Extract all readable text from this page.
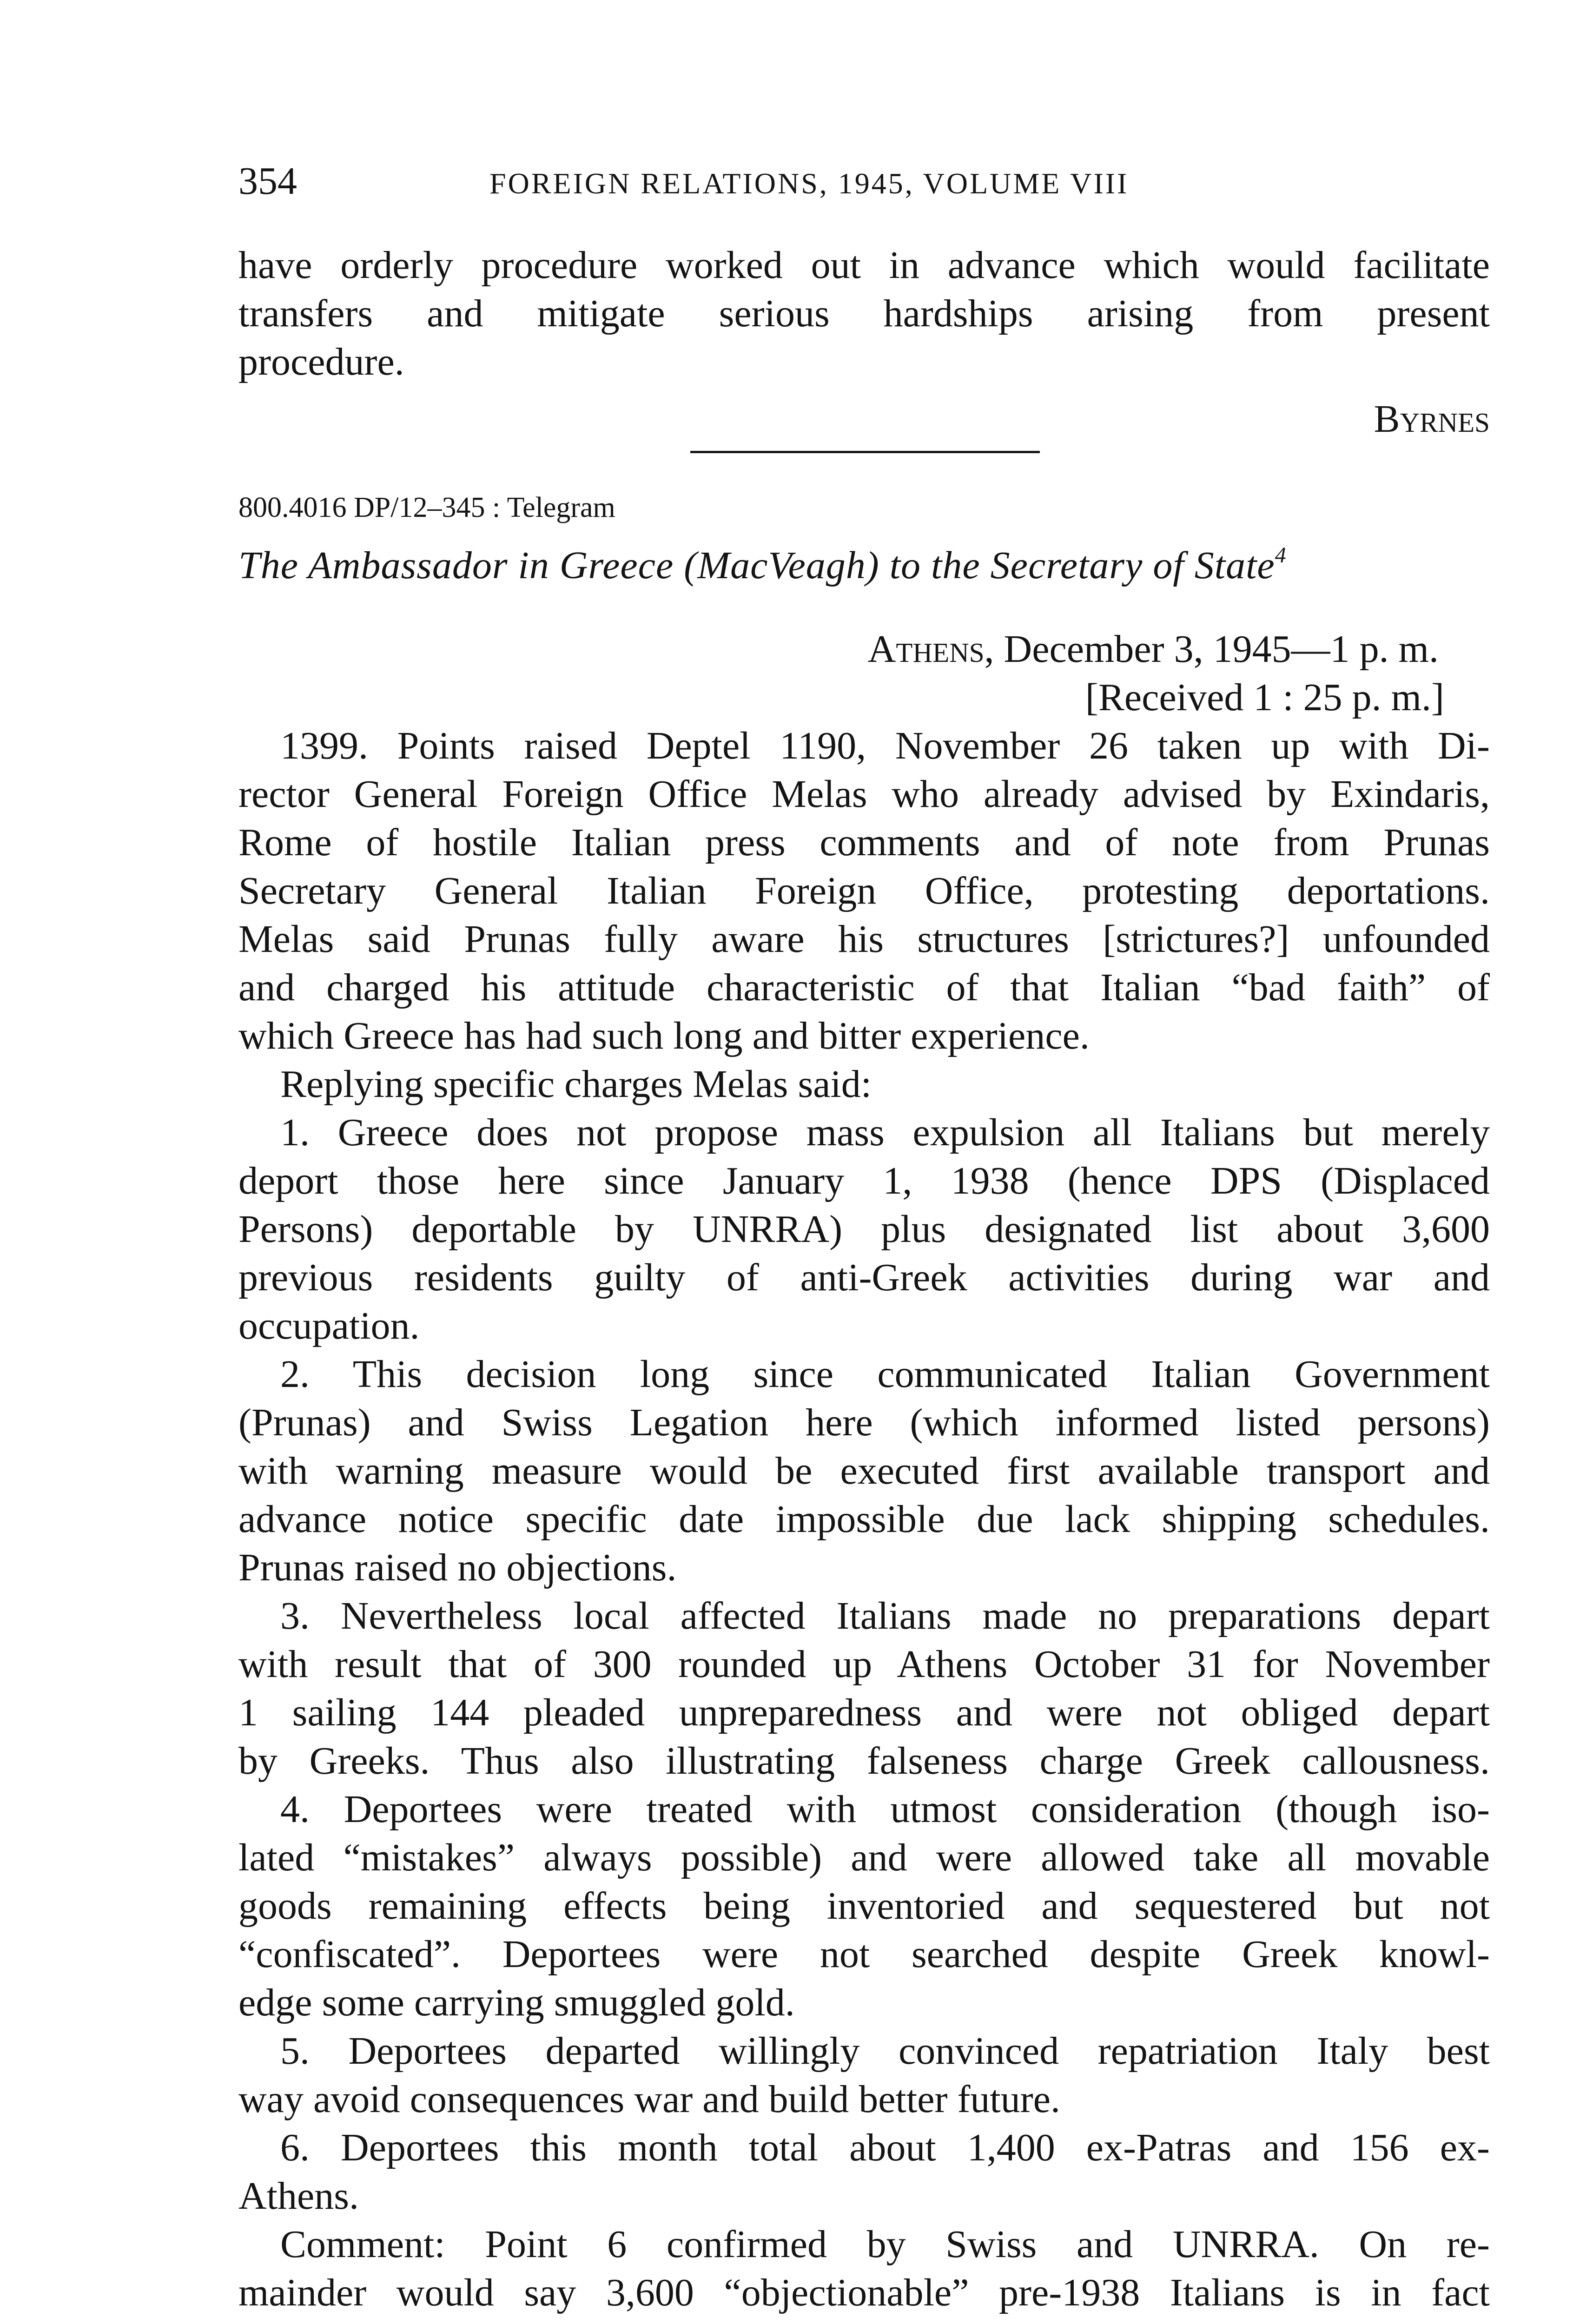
354	FOREIGN RELATIONS, 1945, VOLUME VIII
have orderly procedure worked out in advance which would facilitate
transfers and mitigate serious hardships arising from present
procedure.
Byrnes
800.4016 DP/12–345 : Telegram
The Ambassador in Greece (MacVeagh) to the Secretary of State$^4$
Athens, December 3, 1945—1 p. m.
[Received 1 : 25 p. m.]
1399. Points raised Deptel 1190, November 26 taken up with Di-
rector General Foreign Office Melas who already advised by Exindaris,
Rome of hostile Italian press comments and of note from Prunas
Secretary General Italian Foreign Office, protesting deportations.
Melas said Prunas fully aware his structures [strictures?] unfounded
and charged his attitude characteristic of that Italian “bad faith” of
which Greece has had such long and bitter experience.
Replying specific charges Melas said:
1. Greece does not propose mass expulsion all Italians but merely
deport those here since January 1, 1938 (hence DPS (Displaced
Persons) deportable by UNRRA) plus designated list about 3,600
previous residents guilty of anti-Greek activities during war and
occupation.
2. This decision long since communicated Italian Government
(Prunas) and Swiss Legation here (which informed listed persons)
with warning measure would be executed first available transport and
advance notice specific date impossible due lack shipping schedules.
Prunas raised no objections.
3. Nevertheless local affected Italians made no preparations depart
with result that of 300 rounded up Athens October 31 for November
1 sailing 144 pleaded unpreparedness and were not obliged depart
by Greeks. Thus also illustrating falseness charge Greek callousness.
4. Deportees were treated with utmost consideration (though iso-
lated “mistakes” always possible) and were allowed take all movable
goods remaining effects being inventoried and sequestered but not
“confiscated”. Deportees were not searched despite Greek knowl-
edge some carrying smuggled gold.
5. Deportees departed willingly convinced repatriation Italy best
way avoid consequences war and build better future.
6. Deportees this month total about 1,400 ex-Patras and 156 ex-
Athens.
Comment: Point 6 confirmed by Swiss and UNRRA. On re-
mainder would say 3,600 “objectionable” pre-1938 Italians is in fact
